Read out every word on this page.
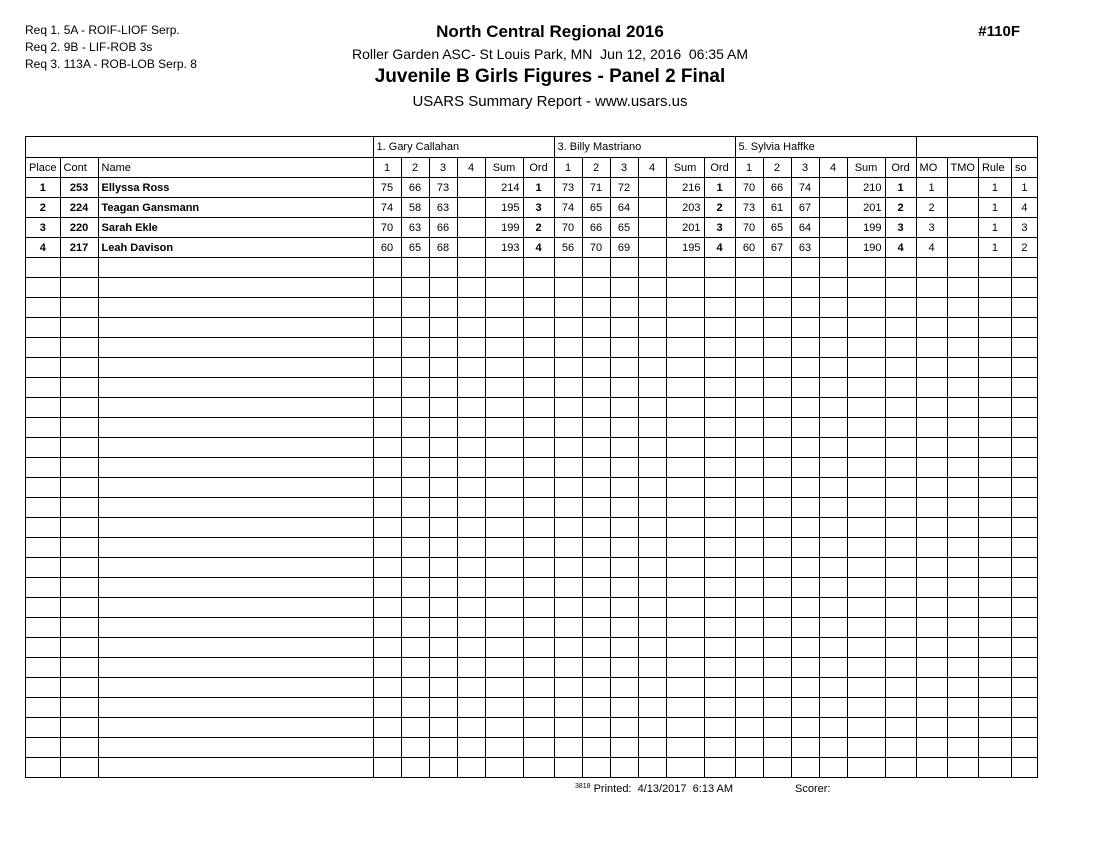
Req 1. 5A - ROIF-LIOF Serp.
Req 2. 9B - LIF-ROB 3s
Req 3. 113A - ROB-LOB Serp. 8
#110F
North Central Regional 2016
Roller Garden ASC- St Louis Park, MN  Jun 12, 2016  06:35 AM
Juvenile B Girls Figures - Panel 2 Final
USARS Summary Report - www.usars.us
			1. Gary Callahan						3. Billy Mastriano						5. Sylvia Haffke									
Place	Cont	Name	1	2	3	4	Sum	Ord	1	2	3	4	Sum	Ord	1	2	3	4	Sum	Ord	MO	TMO	Rule	so
1	253	Ellyssa Ross	75	66	73		214	1	73	71	72		216	1	70	66	74		210	1	1		1	1
2	224	Teagan Gansmann	74	58	63		195	3	74	65	64		203	2	73	61	67		201	2	2		1	4
3	220	Sarah Ekle	70	63	66		199	2	70	66	65		201	3	70	65	64		199	3	3		1	3
4	217	Leah Davison	60	65	68		193	4	56	70	69		195	4	60	67	63		190	4	4		1	2

$^{3818}$ Printed:  4/13/2017  6:13 AM	Scorer:
